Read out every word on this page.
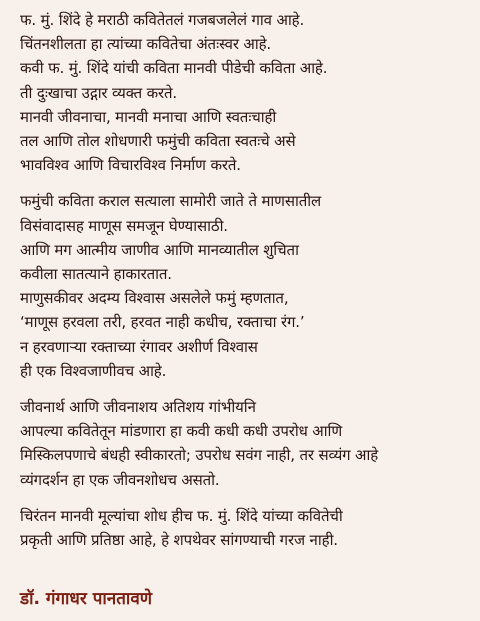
फ. मुं. शिंदे हे मराठी कवितेतलं गजबजलेलं गाव आहे.
चिंतनशीलता हा त्यांच्या कवितेचा अंतःस्वर आहे.
कवी फ. मुं. शिंदे यांची कविता मानवी पीडेची कविता आहे.
ती दुःखाचा उद्गार व्यक्त करते.
मानवी जीवनाचा, मानवी मनाचा आणि स्वतःचाही
तल आणि तोल शोधणारी फमुंची कविता स्वतःचे असे
भावविश्व आणि विचारविश्व निर्माण करते.
फमुंची कविता कराल सत्याला सामोरी जाते ते माणसातील
विसंवादासह माणूस समजून घेण्यासाठी.
आणि मग आत्मीय जाणीव आणि मानव्यातील शुचिता
कवीला सातत्याने हाकारतात.
माणुसकीवर अदम्य विश्वास असलेले फमुं म्हणतात,
‘माणूस हरवला तरी, हरवत नाही कधीच, रक्ताचा रंग.’
न हरवणाऱ्या रक्ताच्या रंगावर अशीर्ण विश्वास
ही एक विश्वजाणीवच आहे.
जीवनार्थ आणि जीवनाशय अतिशय गांभीयनि
आपल्या कवितेतून मांडणारा हा कवी कधी कधी उपरोध आणि
मिस्किलपणाचे बंधही स्वीकारतो; उपरोध सवंग नाही, तर सव्यंग आहे
व्यंगदर्शन हा एक जीवनशोधच असतो.
चिरंतन मानवी मूल्यांचा शोध हीच फ. मुं. शिंदे यांच्या कवितेची
प्रकृती आणि प्रतिष्ठा आहे, हे शपथेवर सांगण्याची गरज नाही.
डॉ. गंगाधर पानतावणे
